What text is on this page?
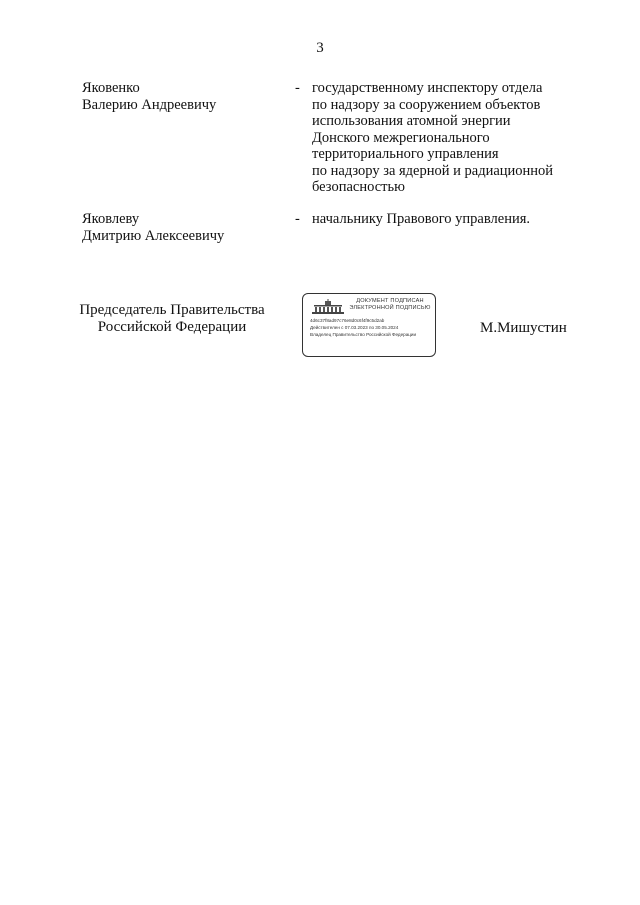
3
Яковенко
Валерию Андреевичу
- государственному инспектору отдела
по надзору за сооружением объектов
использования атомной энергии
Донского межрегионального
территориального управления
по надзору за ядерной и радиационной
безопасностью
Яковлеву
Дмитрию Алексеевичу
- начальнику Правового управления.
Председатель Правительства
Российской Федерации
ДОКУМЕНТ ПОДПИСАН
ЭЛЕКТРОННОЙ ПОДПИСЬЮ
4d6c37f8ad97c76e8d0c6f4f9c5d2ab
Действителен с 07.03.2023 по 30.05.2024
Владелец Правительство Российской Федерации	М.Мишустин
